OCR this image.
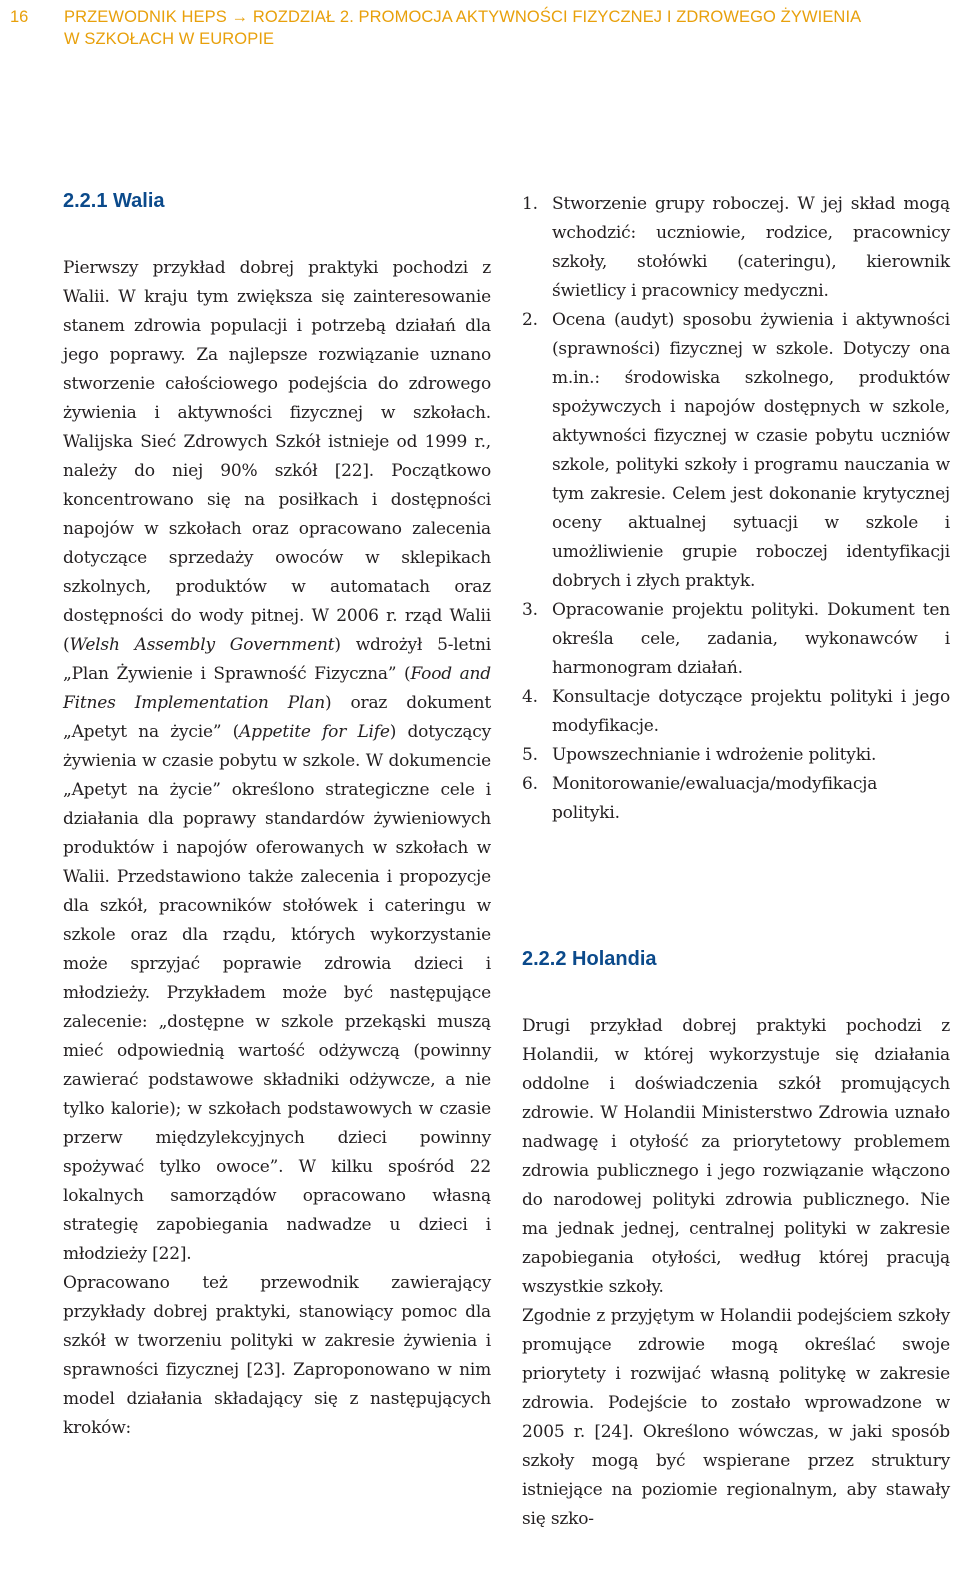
16 PRZEWODNIK HEPS → ROZDZIAŁ 2. PROMOCJA AKTYWNOŚCI FIZYCZNEJ I ZDROWEGO ŻYWIENIA
W SZKOŁACH W EUROPIE
2.2.1 Walia

Pierwszy przykład dobrej praktyki pochodzi z Walii. W kraju tym zwiększa się zainteresowanie stanem zdrowia populacji i potrzebą działań dla jego poprawy. Za najlepsze rozwiązanie uznano stworzenie całościowego podejścia do zdrowego żywienia i aktywności fizycznej w szkołach. Walijska Sieć Zdrowych Szkół istnieje od 1999 r., należy do niej 90% szkół [22]. Początkowo koncentrowano się na posiłkach i dostępności napojów w szkołach oraz opracowano zalecenia dotyczące sprzedaży owoców w sklepikach szkolnych, produktów w automatach oraz dostępności do wody pitnej. W 2006 r. rząd Walii (Welsh Assembly Government) wdrożył 5-letni „Plan Żywienie i Sprawność Fizyczna” (Food and Fitnes Implementation Plan) oraz dokument „Apetyt na życie” (Appetite for Life) dotyczący żywienia w czasie pobytu w szkole. W dokumencie „Apetyt na życie” określono strategiczne cele i działania dla poprawy standardów żywieniowych produktów i napojów oferowanych w szkołach w Walii. Przedstawiono także zalecenia i propozycje dla szkół, pracowników stołówek i cateringu w szkole oraz dla rządu, których wykorzystanie może sprzyjać poprawie zdrowia dzieci i młodzieży. Przykładem może być następujące zalecenie: „dostępne w szkole przekąski muszą mieć odpowiednią wartość odżywczą (powinny zawierać podstawowe składniki odżywcze, a nie tylko kalorie); w szkołach podstawowych w czasie przerw międzylekcyjnych dzieci powinny spożywać tylko owoce”. W kilku spośród 22 lokalnych samorządów opracowano własną strategię zapobiegania nadwadze u dzieci i młodzieży [22].

Opracowano też przewodnik zawierający przykłady dobrej praktyki, stanowiący pomoc dla szkół w tworzeniu polityki w zakresie żywienia i sprawności fizycznej [23]. Zaproponowano w nim model działania składający się z następujących kroków:

1. Stworzenie grupy roboczej. W jej skład mogą wchodzić: uczniowie, rodzice, pracownicy szkoły, stołówki (cateringu), kierownik świetlicy i pracownicy medyczni.
2. Ocena (audyt) sposobu żywienia i aktywności (sprawności) fizycznej w szkole. Dotyczy ona m.in.: środowiska szkolnego, produktów spożywczych i napojów dostępnych w szkole, aktywności fizycznej w czasie pobytu uczniów szkole, polityki szkoły i programu nauczania w tym zakresie. Celem jest dokonanie krytycznej oceny aktualnej sytuacji w szkole i umożliwienie grupie roboczej identyfikacji dobrych i złych praktyk.
3. Opracowanie projektu polityki. Dokument ten określa cele, zadania, wykonawców i harmonogram działań.
4. Konsultacje dotyczące projektu polityki i jego modyfikacje.
5. Upowszechnianie i wdrożenie polityki.
6. Monitorowanie/ewaluacja/modyfikacja polityki.
2.2.2 Holandia

Drugi przykład dobrej praktyki pochodzi z Holandii, w której wykorzystuje się działania oddolne i doświadczenia szkół promujących zdrowie. W Holandii Ministerstwo Zdrowia uznało nadwagę i otyłość za priorytetowy problemem zdrowia publicznego i jego rozwiązanie włączono do narodowej polityki zdrowia publicznego. Nie ma jednak jednej, centralnej polityki w zakresie zapobiegania otyłości, według której pracują wszystkie szkoły.

Zgodnie z przyjętym w Holandii podejściem szkoły promujące zdrowie mogą określać swoje priorytety i rozwijać własną politykę w zakresie zdrowia. Podejście to zostało wprowadzone w 2005 r. [24]. Określono wówczas, w jaki sposób szkoły mogą być wspierane przez struktury istniejące na poziomie regionalnym, aby stawały się szko-
